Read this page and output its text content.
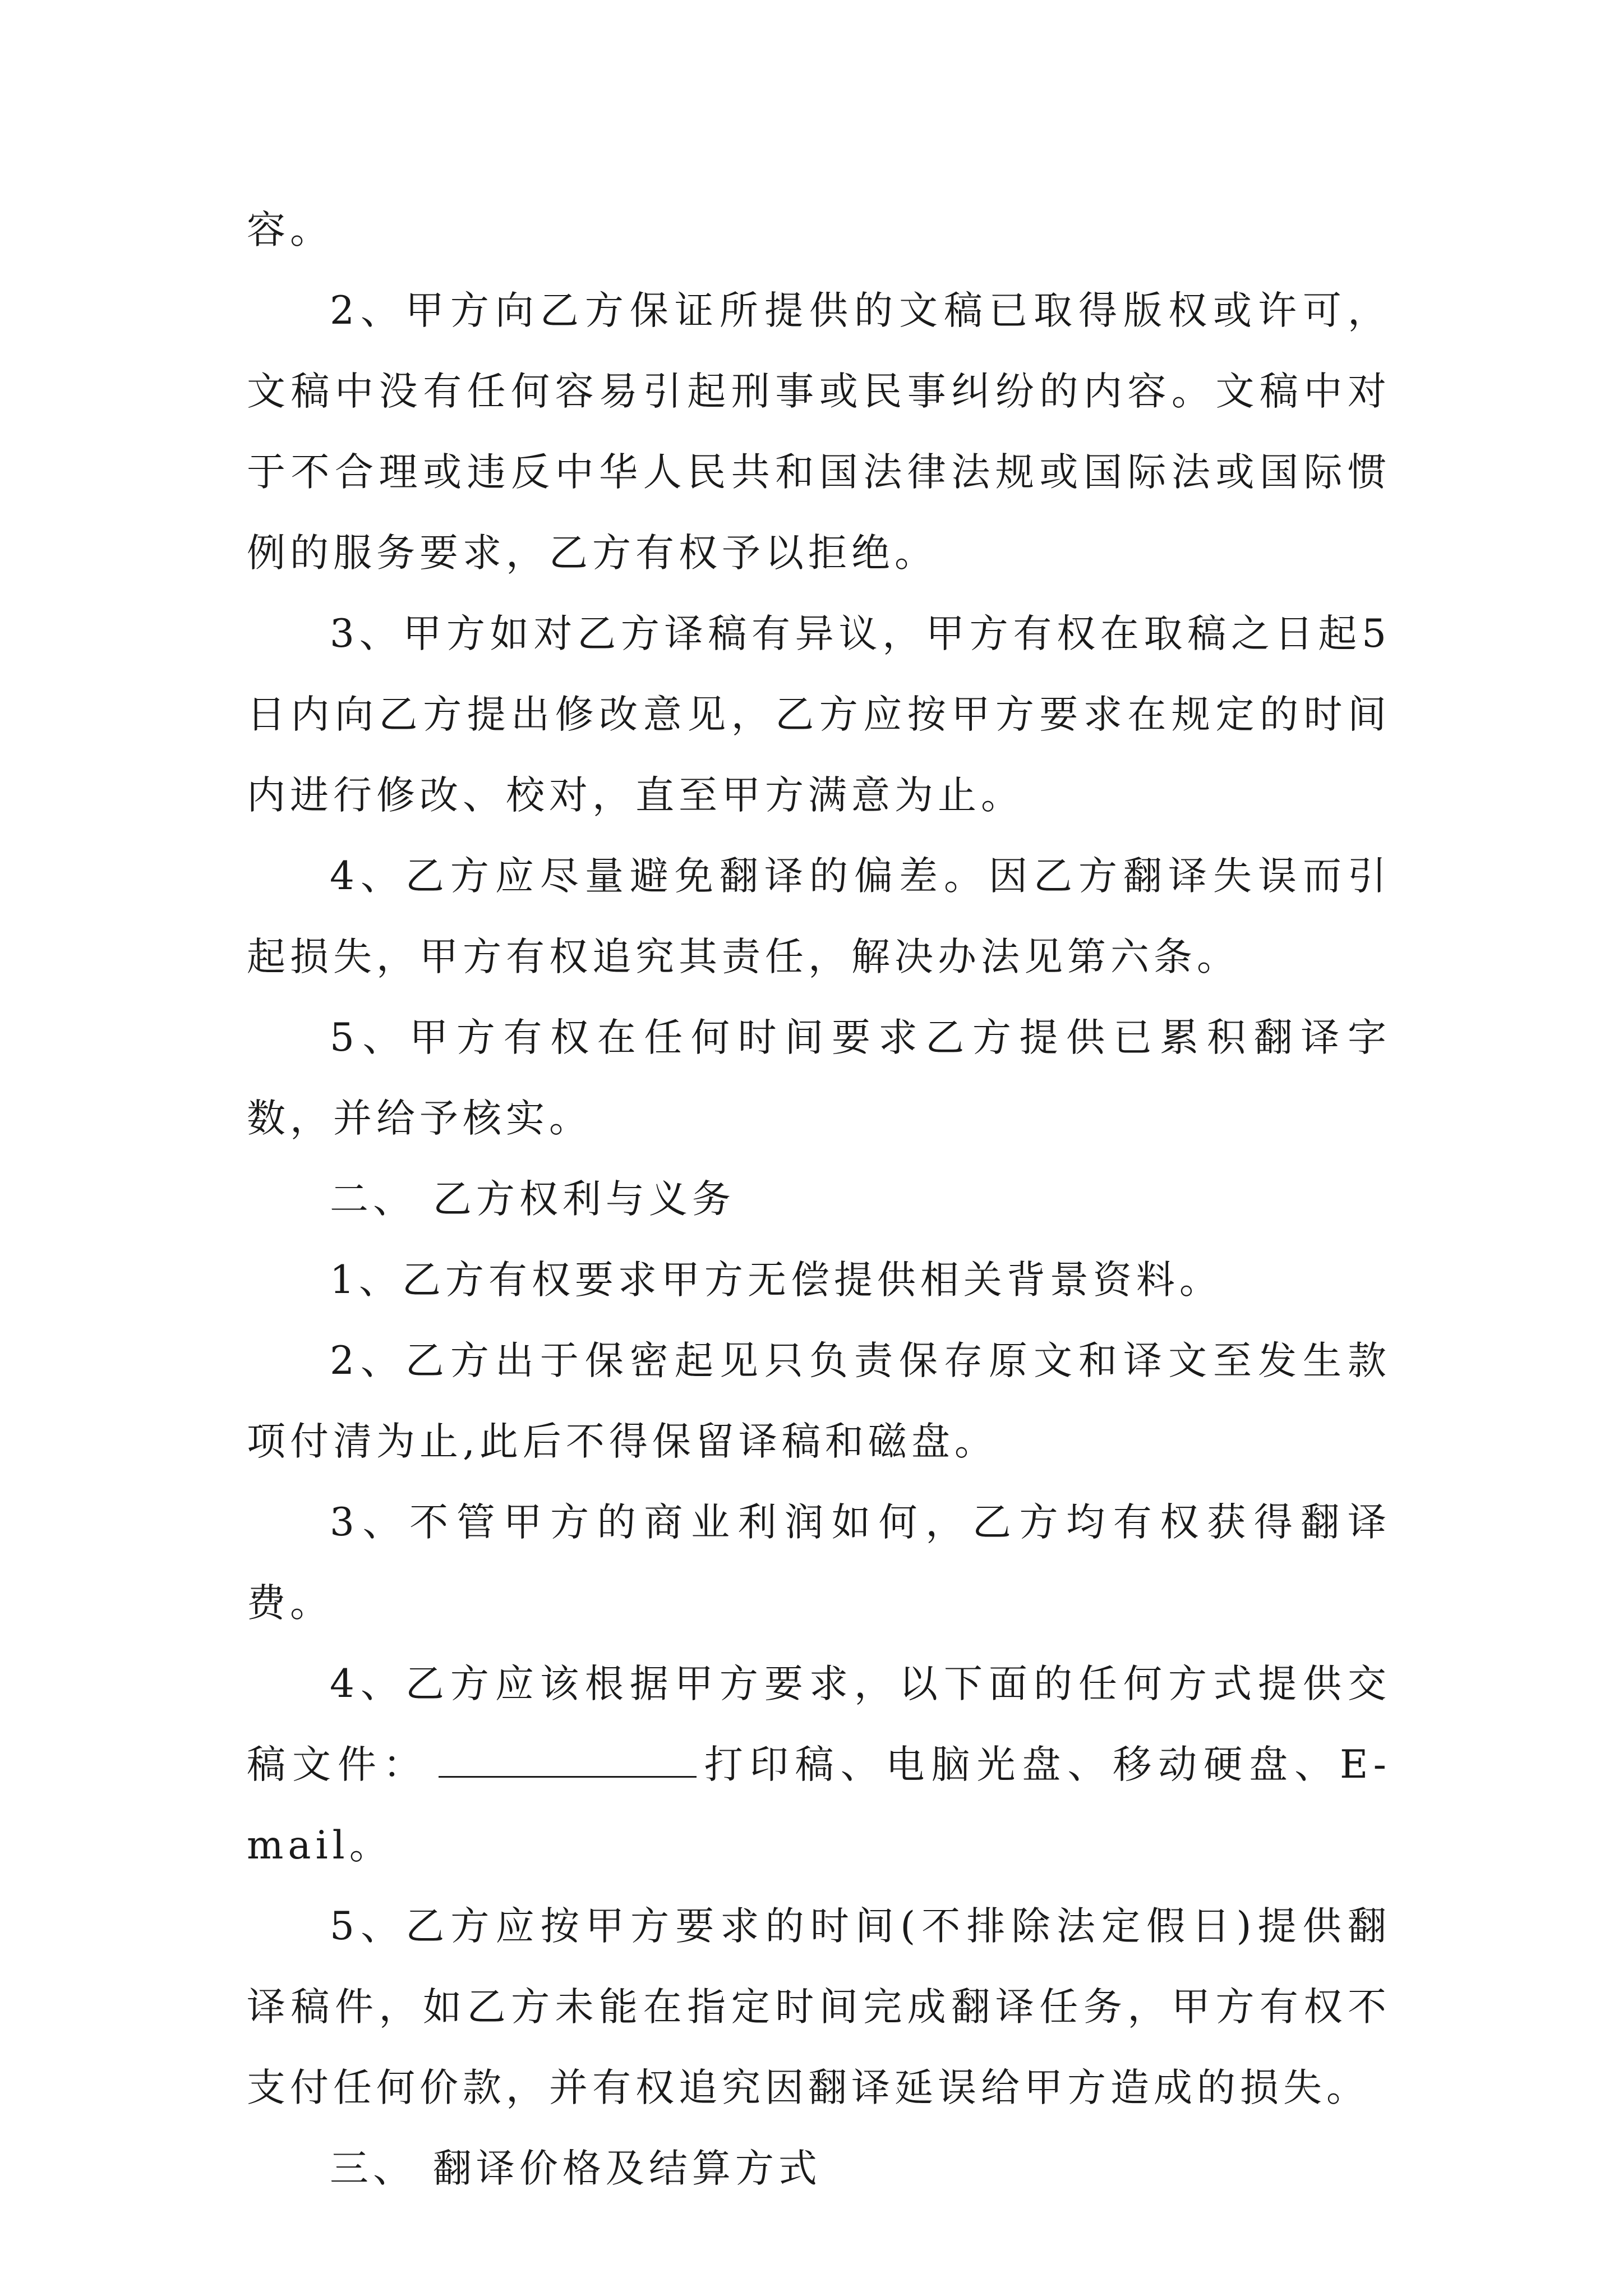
容。

2、甲方向乙方保证所提供的文稿已取得版权或许可，文稿中没有任何容易引起刑事或民事纠纷的内容。文稿中对于不合理或违反中华人民共和国法律法规或国际法或国际惯例的服务要求，乙方有权予以拒绝。

3、甲方如对乙方译稿有异议，甲方有权在取稿之日起5日内向乙方提出修改意见，乙方应按甲方要求在规定的时间内进行修改、校对，直至甲方满意为止。

4、乙方应尽量避免翻译的偏差。因乙方翻译失误而引起损失，甲方有权追究其责任，解决办法见第六条。

5、甲方有权在任何时间要求乙方提供已累积翻译字数，并给予核实。

二、 乙方权利与义务

1、乙方有权要求甲方无偿提供相关背景资料。

2、乙方出于保密起见只负责保存原文和译文至发生款项付清为止,此后不得保留译稿和磁盘。

3、不管甲方的商业利润如何，乙方均有权获得翻译费。

4、乙方应该根据甲方要求，以下面的任何方式提供交稿文件：	打印稿、电脑光盘、移动硬盘、E-mail。

5、乙方应按甲方要求的时间(不排除法定假日)提供翻译稿件，如乙方未能在指定时间完成翻译任务，甲方有权不支付任何价款，并有权追究因翻译延误给甲方造成的损失。

三、 翻译价格及结算方式
